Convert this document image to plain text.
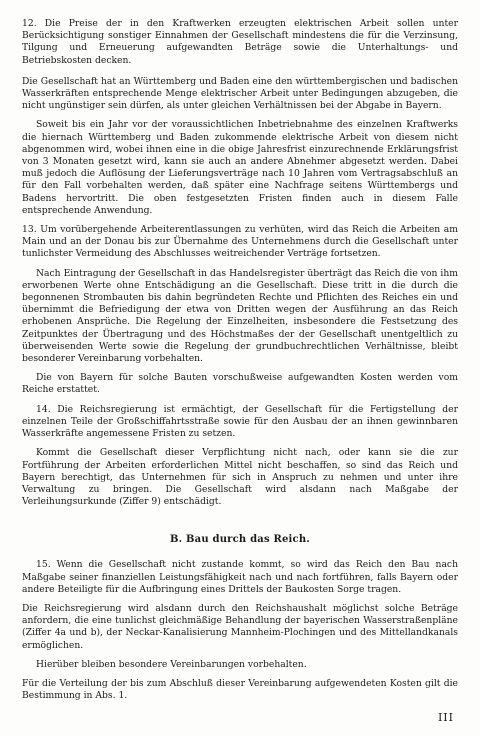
12. Die Preise der in den Kraftwerken erzeugten elektrischen Arbeit sollen unter Berücksichtigung sonstiger Einnahmen der Gesellschaft mindestens die für die Verzinsung, Tilgung und Erneuerung aufgewandten Beträge sowie die Unterhaltungs- und Betriebskosten decken.

Die Gesellschaft hat an Württemberg und Baden eine den württembergischen und badischen Wasserkräften entsprechende Menge elektrischer Arbeit unter Bedingungen abzugeben, die nicht ungünstiger sein dürfen, als unter gleichen Verhältnissen bei der Abgabe in Bayern.

Soweit bis ein Jahr vor der voraussichtlichen Inbetriebnahme des einzelnen Kraftwerks die hiernach Württemberg und Baden zukommende elektrische Arbeit von diesem nicht abgenommen wird, wobei ihnen eine in die obige Jahresfrist einzurechnende Erklärungsfrist von 3 Monaten gesetzt wird, kann sie auch an andere Abnehmer abgesetzt werden. Dabei muß jedoch die Auflösung der Lieferungsverträge nach 10 Jahren vom Vertragsabschluß an für den Fall vorbehalten werden, daß später eine Nachfrage seitens Württembergs und Badens hervortritt. Die oben festgesetzten Fristen finden auch in diesem Falle entsprechende Anwendung.

13. Um vorübergehende Arbeiterentlassungen zu verhüten, wird das Reich die Arbeiten am Main und an der Donau bis zur Übernahme des Unternehmens durch die Gesellschaft unter tunlichster Vermeidung des Abschlusses weitreichender Verträge fortsetzen.

Nach Eintragung der Gesellschaft in das Handelsregister überträgt das Reich die von ihm erworbenen Werte ohne Entschädigung an die Gesellschaft. Diese tritt in die durch die begonnenen Strombauten bis dahin begründeten Rechte und Pflichten des Reiches ein und übernimmt die Befriedigung der etwa von Dritten wegen der Ausführung an das Reich erhobenen Ansprüche. Die Regelung der Einzelheiten, insbesondere die Festsetzung des Zeitpunktes der Übertragung und des Höchstmaßes der der Gesellschaft unentgeltlich zu überweisenden Werte sowie die Regelung der grundbuchrechtlichen Verhältnisse, bleibt besonderer Vereinbarung vorbehalten.

Die von Bayern für solche Bauten vorschußweise aufgewandten Kosten werden vom Reiche erstattet.

14. Die Reichsregierung ist ermächtigt, der Gesellschaft für die Fertigstellung der einzelnen Teile der Großschiffahrtsstraße sowie für den Ausbau der an ihnen gewinnbaren Wasserkräfte angemessene Fristen zu setzen.

Kommt die Gesellschaft dieser Verpflichtung nicht nach, oder kann sie die zur Fortführung der Arbeiten erforderlichen Mittel nicht beschaffen, so sind das Reich und Bayern berechtigt, das Unternehmen für sich in Anspruch zu nehmen und unter ihre Verwaltung zu bringen. Die Gesellschaft wird alsdann nach Maßgabe der Verleihungsurkunde (Ziffer 9) entschädigt.

B. Bau durch das Reich.

15. Wenn die Gesellschaft nicht zustande kommt, so wird das Reich den Bau nach Maßgabe seiner finanziellen Leistungsfähigkeit nach und nach fortführen, falls Bayern oder andere Beteiligte für die Aufbringung eines Drittels der Baukosten Sorge tragen.

Die Reichsregierung wird alsdann durch den Reichshaushalt möglichst solche Beträge anfordern, die eine tunlichst gleichmäßige Behandlung der bayerischen Wasserstraßenpläne (Ziffer 4a und b), der Neckar-Kanalisierung Mannheim-Plochingen und des Mittellandkanals ermöglichen.

Hierüber bleiben besondere Vereinbarungen vorbehalten.

Für die Verteilung der bis zum Abschluß dieser Vereinbarung aufgewendeten Kosten gilt die Bestimmung in Abs. 1.

III
